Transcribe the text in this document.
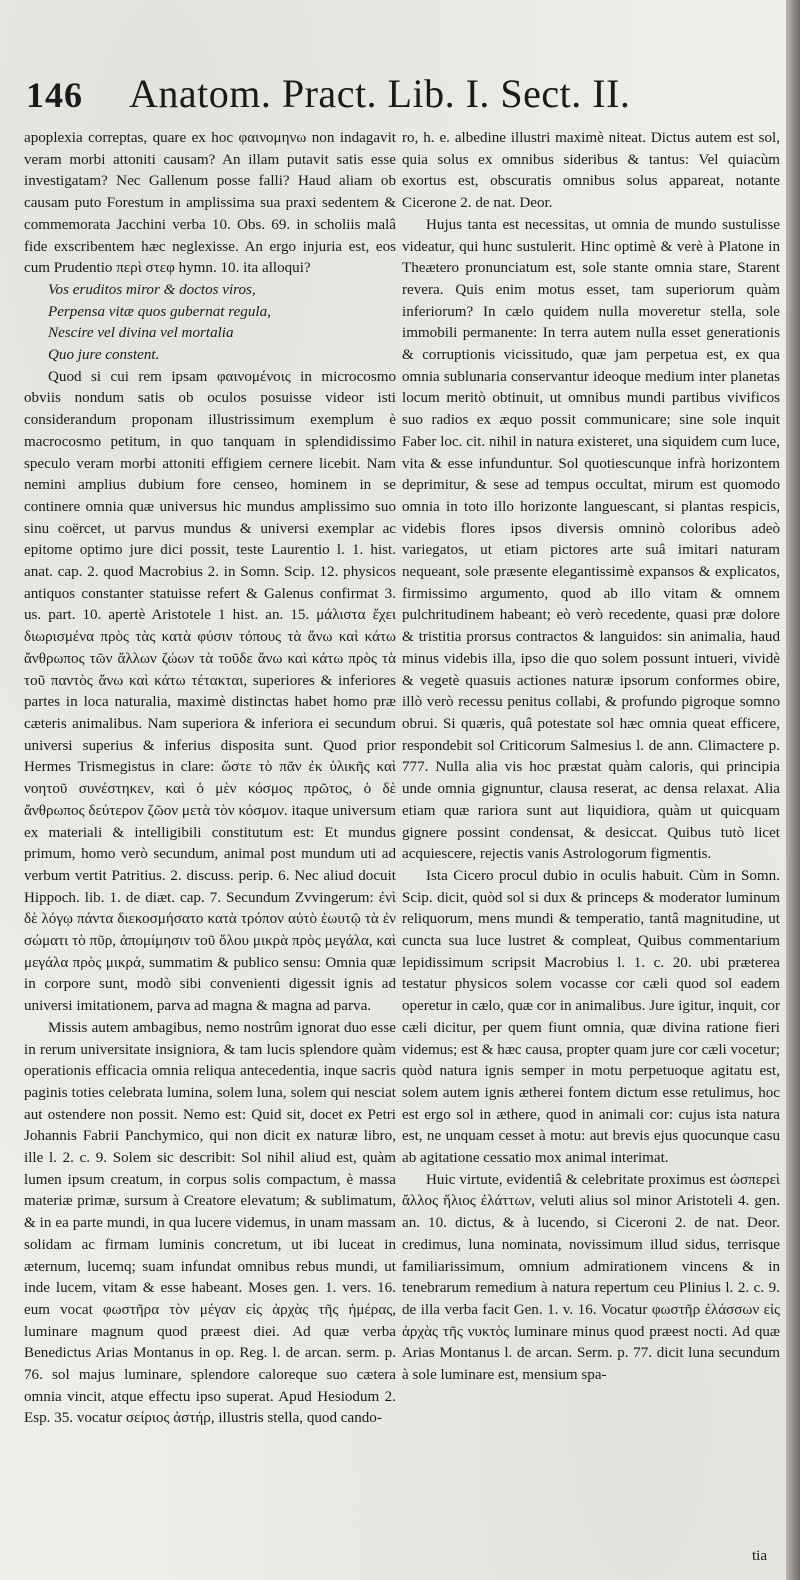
146 Anatom. Pract. Lib. I. Sect. II.

apoplexia correptas, quare ex hoc φαινομηνω non indagavit veram morbi attoniti causam? An illam putavit satis esse investigatam? Nec Gallenum posse falli? Haud aliam ob causam puto Forestum in amplissima sua praxi sedentem & commemorata Jacchini verba 10. Obs. 69. in scholiis malâ fide exscribentem hæc neglexisse. An ergo injuria est, eos cum Prudentio περὶ στεφ hymn. 10. ita alloqui?

Vos eruditos miror & doctos viros,

Perpensa vitæ quos gubernat regula,

Nescire vel divina vel mortalia

Quo jure constent.

Quod si cui rem ipsam φαινομένοις in microcosmo obviis nondum satis ob oculos posuisse videor isti considerandum proponam illustrissimum exemplum è macrocosmo petitum, in quo tanquam in splendidissimo speculo veram morbi attoniti effigiem cernere licebit. Nam nemini amplius dubium fore censeo, hominem in se continere omnia quæ universus hic mundus amplissimo suo sinu coërcet, ut parvus mundus & universi exemplar ac epitome optimo jure dici possit, teste Laurentio l. 1. hist. anat. cap. 2. quod Macrobius 2. in Somn. Scip. 12. physicos antiquos constanter statuisse refert & Galenus confirmat 3. us. part. 10. apertè Aristotele 1 hist. an. 15. μάλιστα ἔχει διωρισμένα πρὸς τὰς κατὰ φύσιν τόπους τὰ ἄνω καὶ κάτω ἄνθρωπος τῶν ἄλλων ζώων τὰ τοῦδε ἄνω καὶ κάτω πρὸς τὰ τοῦ παντὸς ἄνω καὶ κάτω τέτακται, superiores & inferiores partes in loca naturalia, maximè distinctas habet homo præ cæteris animalibus. Nam superiora & inferiora ei secundum universi superius & inferius disposita sunt. Quod prior Hermes Trismegistus in clare: ὥστε τὸ πᾶν ἐκ ὑλικῆς καὶ νοητοῦ συνέστηκεν, καὶ ὁ μὲν κόσμος πρῶτος, ὁ δὲ ἄνθρωπος δεύτερον ζῶον μετὰ τὸν κόσμον. itaque universum ex materiali & intelligibili constitutum est: Et mundus primum, homo verò secundum, animal post mundum uti ad verbum vertit Patritius. 2. discuss. perip. 6. Nec aliud docuit Hippoch. lib. 1. de diæt. cap. 7. Secundum Zvvingerum: ἐνὶ δὲ λόγῳ πάντα διεκοσμήσατο κατὰ τρόπον αὐτὸ ἑωυτῷ τὰ ἐν σώματι τὸ πῦρ, ἀπομίμησιν τοῦ ὅλου μικρὰ πρὸς μεγάλα, καὶ μεγάλα πρὸς μικρά, summatim & publico sensu: Omnia quæ in corpore sunt, modò sibi convenienti digessit ignis ad universi imitationem, parva ad magna & magna ad parva.

Missis autem ambagibus, nemo nostrûm ignorat duo esse in rerum universitate insigniora, & tam lucis splendore quàm operationis efficacia omnia reliqua antecedentia, inque sacris paginis toties celebrata lumina, solem luna, solem qui nesciat aut ostendere non possit. Nemo est: Quid sit, docet ex Petri Johannis Fabrii Panchymico, qui non dicit ex naturæ libro, ille l. 2. c. 9. Solem sic describit: Sol nihil aliud est, quàm lumen ipsum creatum, in corpus solis compactum, è massa materiæ primæ, sursum à Creatore elevatum; & sublimatum, & in ea parte mundi, in qua lucere videmus, in unam massam solidam ac firmam luminis concretum, ut ibi luceat in æternum, lucemq; suam infundat omnibus rebus mundi, ut inde lucem, vitam & esse habeant. Moses gen. 1. vers. 16. eum vocat φωστῆρα τὸν μέγαν εἰς ἀρχὰς τῆς ἡμέρας, luminare magnum quod præest diei. Ad quæ verba Benedictus Arias Montanus in op. Reg. l. de arcan. serm. p. 76. sol majus luminare, splendore caloreque suo cætera omnia vincit, atque effectu ipso superat. Apud Hesiodum 2. Esp. 35. vocatur σείριος ἀστήρ, illustris stella, quod cando-

ro, h. e. albedine illustri maximè niteat. Dictus autem est sol, quia solus ex omnibus sideribus & tantus: Vel quiacùm exortus est, obscuratis omnibus solus appareat, notante Cicerone 2. de nat. Deor.

Hujus tanta est necessitas, ut omnia de mundo sustulisse videatur, qui hunc sustulerit. Hinc optimè & verè à Platone in Theætero pronunciatum est, sole stante omnia stare, Starent revera. Quis enim motus esset, tam superiorum quàm inferiorum? In cælo quidem nulla moveretur stella, sole immobili permanente: In terra autem nulla esset generationis & corruptionis vicissitudo, quæ jam perpetua est, ex qua omnia sublunaria conservantur ideoque medium inter planetas locum meritò obtinuit, ut omnibus mundi partibus vivificos suo radios ex æquo possit communicare; sine sole inquit Faber loc. cit. nihil in natura existeret, una siquidem cum luce, vita & esse infunduntur. Sol quotiescunque infrà horizontem deprimitur, & sese ad tempus occultat, mirum est quomodo omnia in toto illo horizonte languescant, si plantas respicis, videbis flores ipsos diversis omninò coloribus adeò variegatos, ut etiam pictores arte suâ imitari naturam nequeant, sole præsente elegantissimè expansos & explicatos, firmissimo argumento, quod ab illo vitam & omnem pulchritudinem habeant; eò verò recedente, quasi præ dolore & tristitia prorsus contractos & languidos: sin animalia, haud minus videbis illa, ipso die quo solem possunt intueri, vividè & vegetè quasuis actiones naturæ ipsorum conformes obire, illò verò recessu penitus collabi, & profundo pigroque somno obrui. Si quæris, quâ potestate sol hæc omnia queat efficere, respondebit sol Criticorum Salmesius l. de ann. Climactere p. 777. Nulla alia vis hoc præstat quàm caloris, qui principia unde omnia gignuntur, clausa reserat, ac densa relaxat. Alia etiam quæ rariora sunt aut liquidiora, quàm ut quicquam gignere possint condensat, & desiccat. Quibus tutò licet acquiescere, rejectis vanis Astrologorum figmentis.

Ista Cicero procul dubio in oculis habuit. Cùm in Somn. Scip. dicit, quòd sol si dux & princeps & moderator luminum reliquorum, mens mundi & temperatio, tantâ magnitudine, ut cuncta sua luce lustret & compleat, Quibus commentarium lepidissimum scripsit Macrobius l. 1. c. 20. ubi præterea testatur physicos solem vocasse cor cæli quod sol eadem operetur in cælo, quæ cor in animalibus. Jure igitur, inquit, cor cæli dicitur, per quem fiunt omnia, quæ divina ratione fieri videmus; est & hæc causa, propter quam jure cor cæli vocetur; quòd natura ignis semper in motu perpetuoque agitatu est, solem autem ignis ætherei fontem dictum esse retulimus, hoc est ergo sol in æthere, quod in animali cor: cujus ista natura est, ne unquam cesset à motu: aut brevis ejus quocunque casu ab agitatione cessatio mox animal interimat.

Huic virtute, evidentiâ & celebritate proximus est ὡσπερεὶ ἄλλος ἥλιος ἐλάττων, veluti alius sol minor Aristoteli 4. gen. an. 10. dictus, & à lucendo, si Ciceroni 2. de nat. Deor. credimus, luna nominata, novissimum illud sidus, terrisque familiarissimum, omnium admirationem vincens & in tenebrarum remedium à natura repertum ceu Plinius l. 2. c. 9. de illa verba facit Gen. 1. v. 16. Vocatur φωστῆρ ἐλάσσων εἰς ἀρχὰς τῆς νυκτὸς luminare minus quod præest nocti. Ad quæ Arias Montanus l. de arcan. Serm. p. 77. dicit luna secundum à sole luminare est, mensium spa-

tia
